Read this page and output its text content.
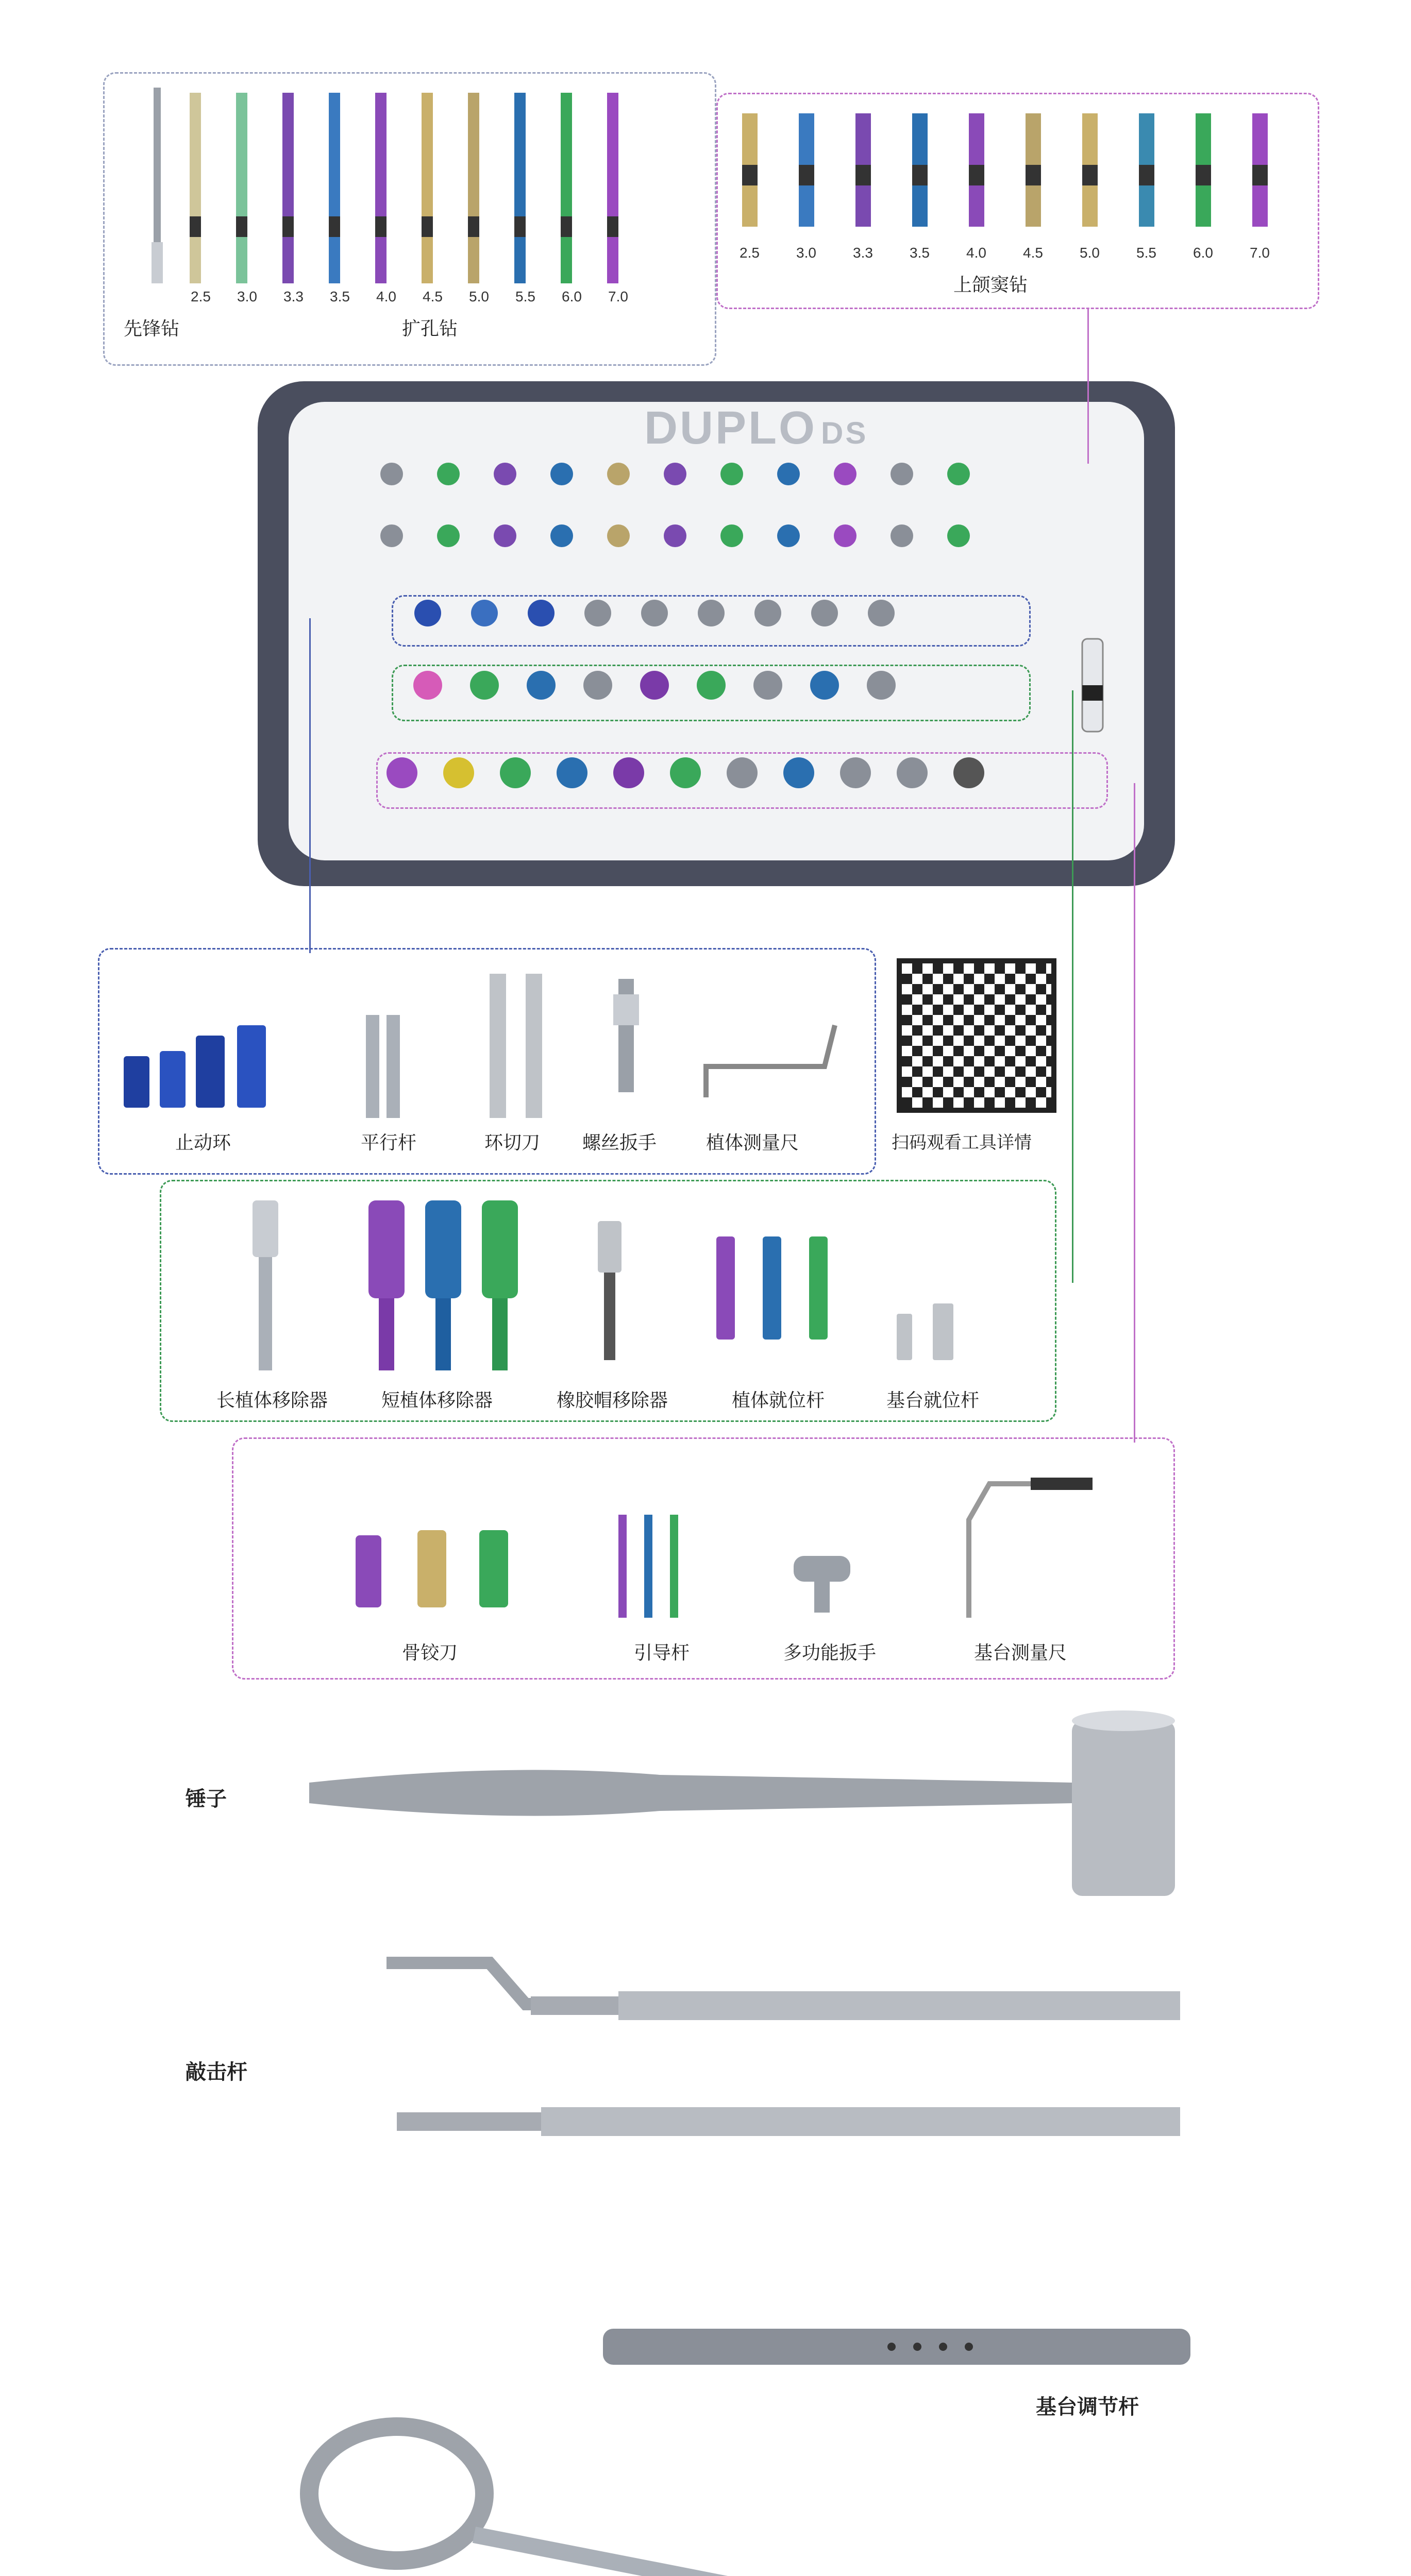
2.5 3.0 3.3 3.5 4.0 4.5 5.0 5.5 6.0 7.0
先锋钻	扩孔钻
2.5	3.0	3.3	3.5	4.0	4.5	5.0	5.5	6.0	7.0
上颌窦钻
DUPLO DS
止动环	平行杆	环切刀 螺丝扳手	植体测量尺	扫码观看工具详情
长植体移除器	短植体移除器	橡胶帽移除器	植体就位杆	基台就位杆
骨铰刀	引导杆	多功能扳手	基台测量尺
锤子
敲击杆
基台调节杆
